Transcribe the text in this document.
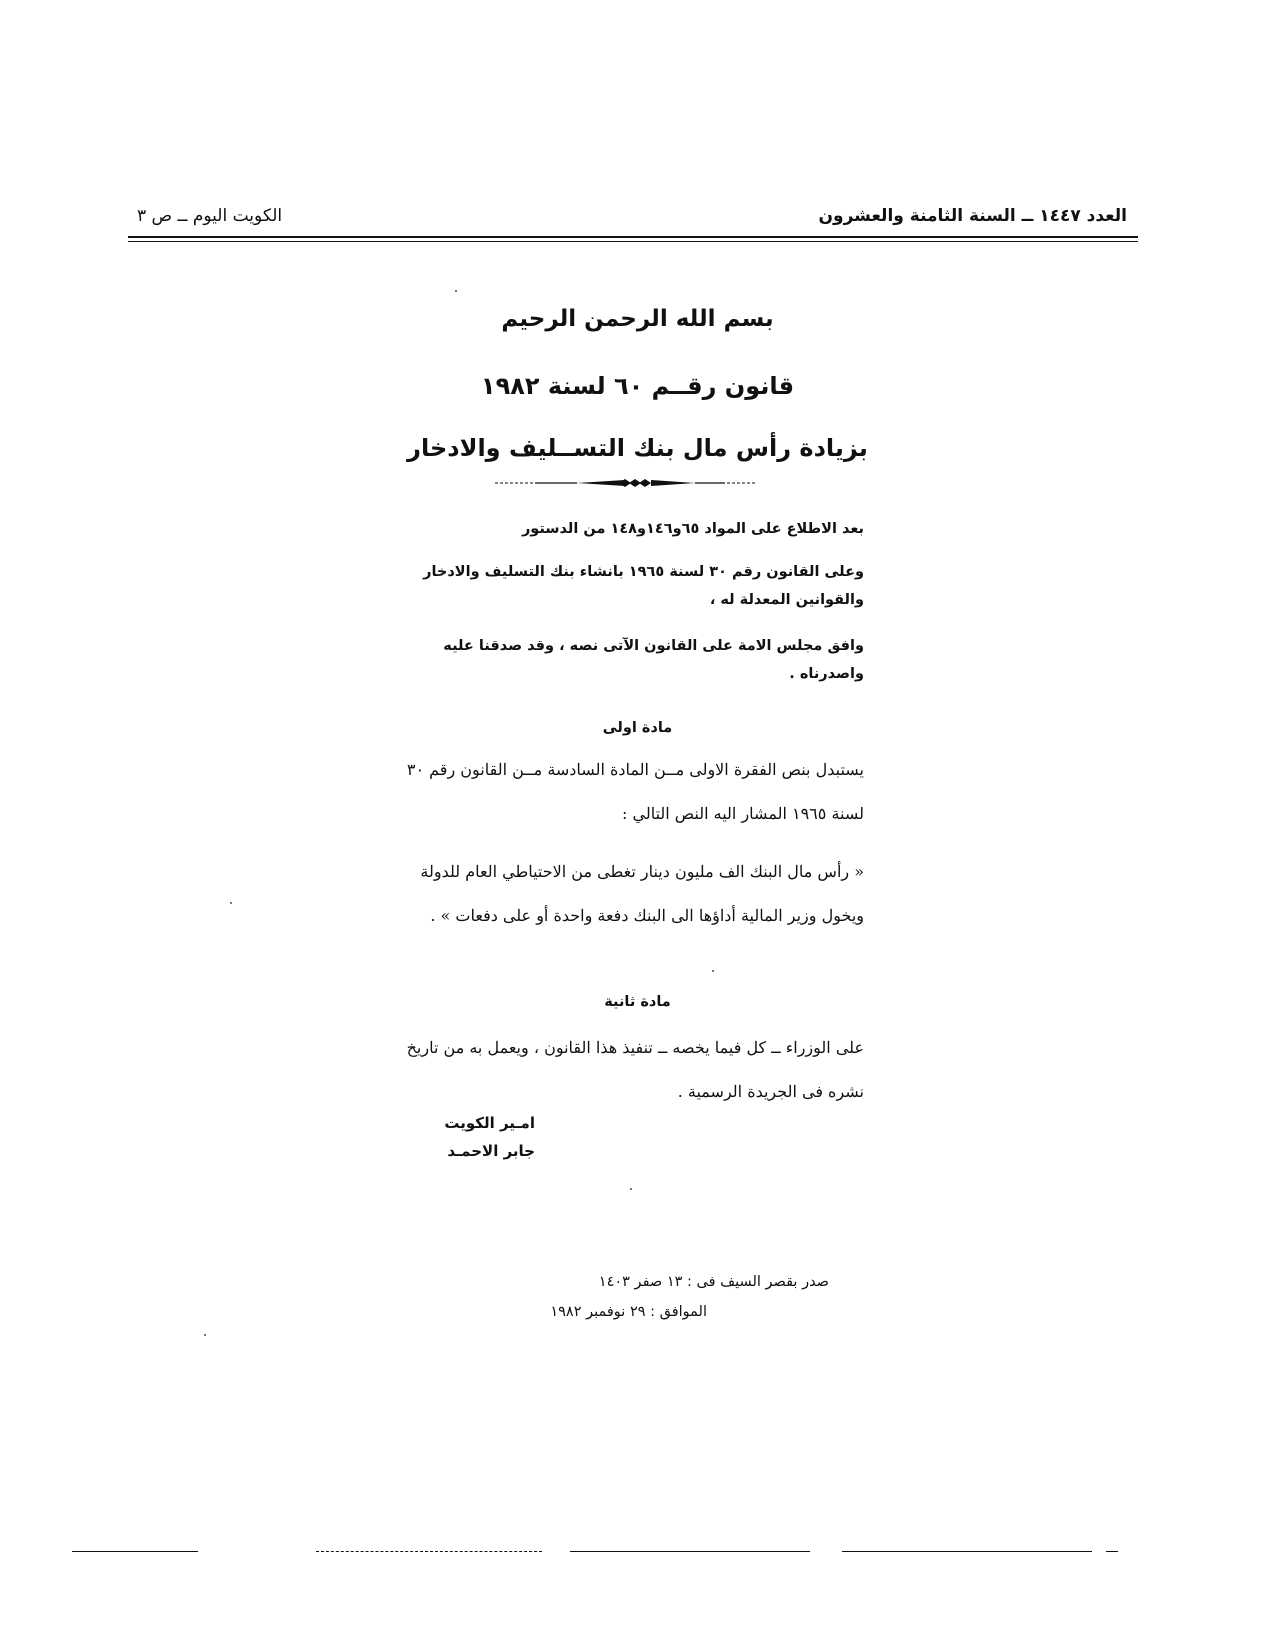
العدد ١٤٤٧ ــ السنة الثامنة والعشرون
الكويت اليوم ــ ص ٣
بسم الله الرحمن الرحيم
قانون رقــم ٦٠ لسنة ١٩٨٢
بزيادة رأس مال بنك التســليف والادخار
بعد الاطلاع على المواد ٦٥و١٤٦و١٤٨ من الدستور
وعلى القانون رقم ٣٠ لسنة ١٩٦٥ بانشاء بنك التسليف والادخار والقوانين المعدلة له ،
وافق مجلس الامة على القانون الآتى نصه ، وقد صدقنا عليه واصدرناه .
مادة اولى
يستبدل بنص الفقرة الاولى مــن المادة السادسة مــن القانون رقم ٣٠ لسنة ١٩٦٥ المشار اليه النص التالي :
« رأس مال البنك الف مليون دينار تغطى من الاحتياطي العام للدولة ويخول وزير المالية أداؤها الى البنك دفعة واحدة أو على دفعات » .
مادة ثانية
على الوزراء ــ كل فيما يخصه ــ تنفيذ هذا القانون ، ويعمل به من تاريخ نشره فى الجريدة الرسمية .
امـير الكويت
جابر الاحمـد
صدر بقصر السيف فى : ١٣ صفر ١٤٠٣
الموافق : ٢٩ نوفمبر ١٩٨٢
